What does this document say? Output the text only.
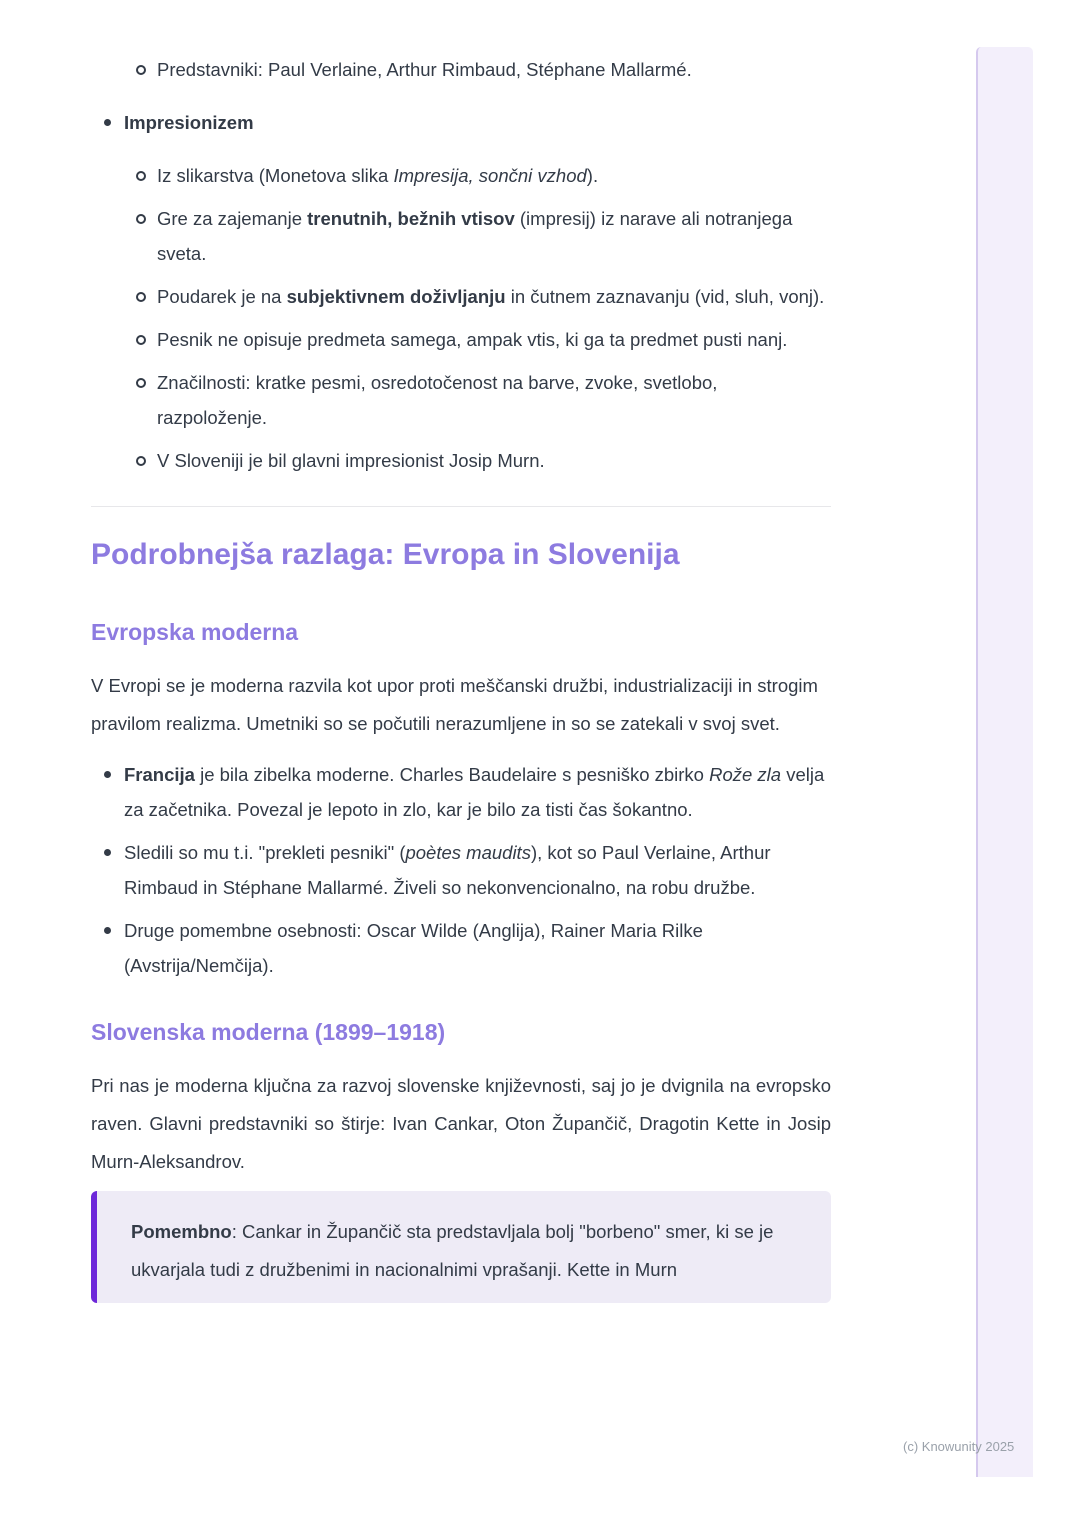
Predstavniki: Paul Verlaine, Arthur Rimbaud, Stéphane Mallarmé.
Impresionizem
Iz slikarstva (Monetova slika Impresija, sončni vzhod).
Gre za zajemanje trenutnih, bežnih vtisov (impresij) iz narave ali notranjega sveta.
Poudarek je na subjektivnem doživljanju in čutnem zaznavanju (vid, sluh, vonj).
Pesnik ne opisuje predmeta samega, ampak vtis, ki ga ta predmet pusti nanj.
Značilnosti: kratke pesmi, osredotočenost na barve, zvoke, svetlobo, razpoloženje.
V Sloveniji je bil glavni impresionist Josip Murn.
Podrobnejša razlaga: Evropa in Slovenija
Evropska moderna

V Evropi se je moderna razvila kot upor proti meščanski družbi, industrializaciji in strogim pravilom realizma. Umetniki so se počutili nerazumljene in so se zatekali v svoj svet.

Francija je bila zibelka moderne. Charles Baudelaire s pesniško zbirko Rože zla velja za začetnika. Povezal je lepoto in zlo, kar je bilo za tisti čas šokantno.
Sledili so mu t.i. "prekleti pesniki" (poètes maudits), kot so Paul Verlaine, Arthur Rimbaud in Stéphane Mallarmé. Živeli so nekonvencionalno, na robu družbe.
Druge pomembne osebnosti: Oscar Wilde (Anglija), Rainer Maria Rilke (Avstrija/Nemčija).
Slovenska moderna (1899–1918)

Pri nas je moderna ključna za razvoj slovenske književnosti, saj jo je dvignila na evropsko raven. Glavni predstavniki so štirje: Ivan Cankar, Oton Župančič, Dragotin Kette in Josip Murn-Aleksandrov.

Pomembno: Cankar in Župančič sta predstavljala bolj "borbeno" smer, ki se je ukvarjala tudi z družbenimi in nacionalnimi vprašanji. Kette in Murn
(c) Knowunity 2025
